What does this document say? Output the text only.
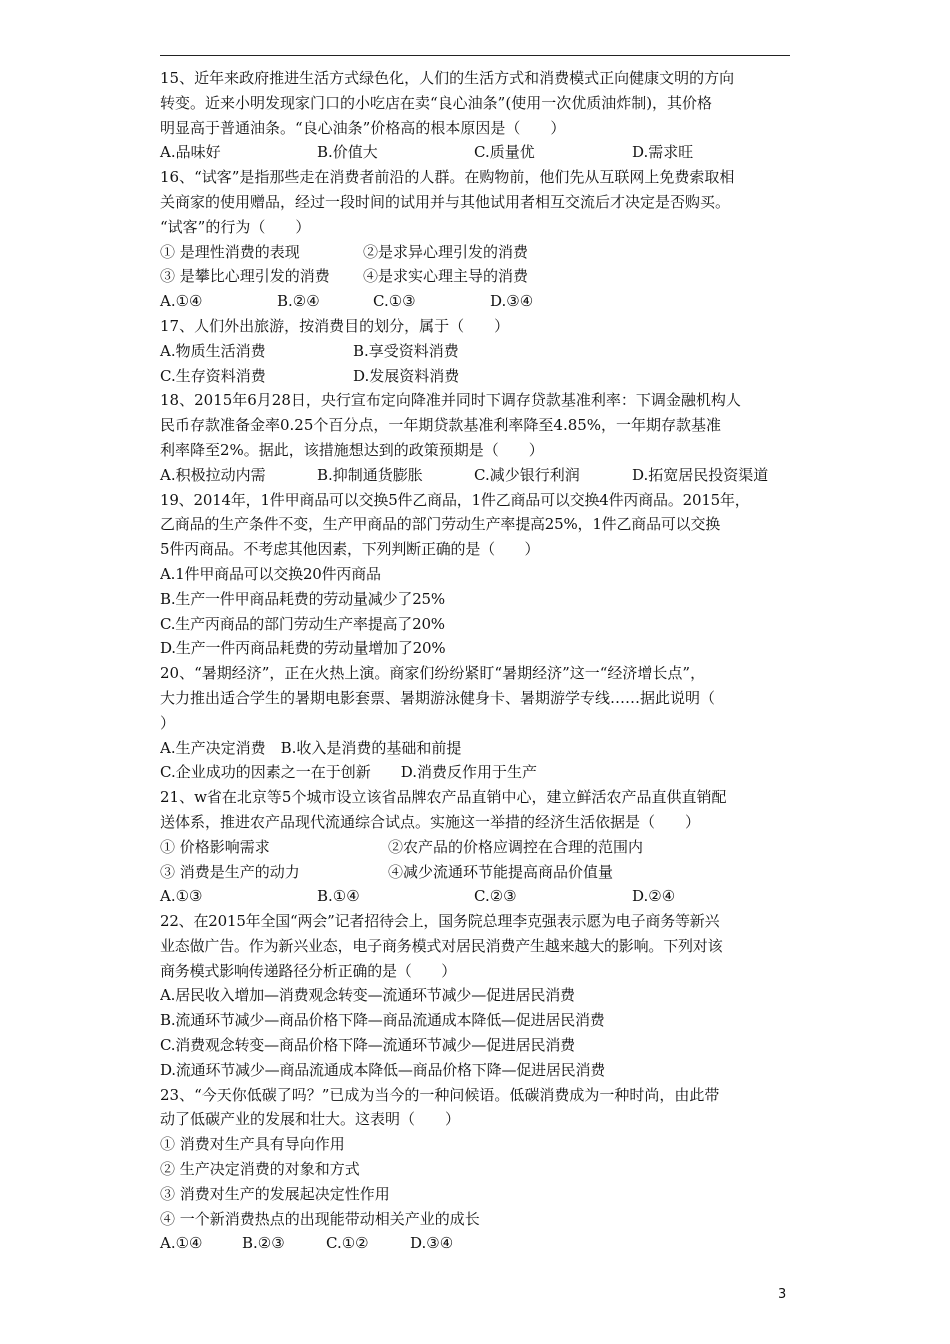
15、近年来政府推进生活方式绿色化，人们的生活方式和消费模式正向健康文明的方向
转变。近来小明发现家门口的小吃店在卖“良心油条”(使用一次优质油炸制)，其价格
明显高于普通油条。“良心油条”价格高的根本原因是（　　）
A.品味好	B.价值大	C.质量优	D.需求旺
16、“试客”是指那些走在消费者前沿的人群。在购物前，他们先从互联网上免费索取相
关商家的使用赠品，经过一段时间的试用并与其他试用者相互交流后才决定是否购买。
“试客”的行为（　　）
① 是理性消费的表现	②是求异心理引发的消费
③ 是攀比心理引发的消费	④是求实心理主导的消费
A.①④	B.②④	C.①③	D.③④
17、人们外出旅游，按消费目的划分，属于（　　）
A.物质生活消费	B.享受资料消费
C.生存资料消费	D.发展资料消费
18、2015年6月28日，央行宣布定向降准并同时下调存贷款基准利率：下调金融机构人
民币存款准备金率0.25个百分点，一年期贷款基准利率降至4.85%，一年期存款基准
利率降至2%。据此，该措施想达到的政策预期是（　　）
A.积极拉动内需	B.抑制通货膨胀	C.减少银行利润	D.拓宽居民投资渠道
19、2014年，1件甲商品可以交换5件乙商品，1件乙商品可以交换4件丙商品。2015年，
乙商品的生产条件不变，生产甲商品的部门劳动生产率提高25%，1件乙商品可以交换
5件丙商品。不考虑其他因素，下列判断正确的是（　　）
A.1件甲商品可以交换20件丙商品
B.生产一件甲商品耗费的劳动量减少了25%
C.生产丙商品的部门劳动生产率提高了20%
D.生产一件丙商品耗费的劳动量增加了20%
20、“暑期经济”，正在火热上演。商家们纷纷紧盯“暑期经济”这一“经济增长点”，
大力推出适合学生的暑期电影套票、暑期游泳健身卡、暑期游学专线……据此说明（
）
A.生产决定消费　B.收入是消费的基础和前提
C.企业成功的因素之一在于创新　　D.消费反作用于生产
21、w省在北京等5个城市设立该省品牌农产品直销中心，建立鲜活农产品直供直销配
送体系，推进农产品现代流通综合试点。实施这一举措的经济生活依据是（　　）
① 价格影响需求	②农产品的价格应调控在合理的范围内
③ 消费是生产的动力	④减少流通环节能提高商品价值量
A.①③	B.①④	C.②③	D.②④
22、在2015年全国“两会”记者招待会上，国务院总理李克强表示愿为电子商务等新兴
业态做广告。作为新兴业态，电子商务模式对居民消费产生越来越大的影响。下列对该
商务模式影响传递路径分析正确的是（　　）
A.居民收入增加—消费观念转变—流通环节减少—促进居民消费
B.流通环节减少—商品价格下降—商品流通成本降低—促进居民消费
C.消费观念转变—商品价格下降—流通环节减少—促进居民消费
D.流通环节减少—商品流通成本降低—商品价格下降—促进居民消费
23、“今天你低碳了吗？”已成为当今的一种问候语。低碳消费成为一种时尚，由此带
动了低碳产业的发展和壮大。这表明（　　）
① 消费对生产具有导向作用
② 生产决定消费的对象和方式
③ 消费对生产的发展起决定性作用
④ 一个新消费热点的出现能带动相关产业的成长
A.①④	B.②③	C.①②	D.③④
3
